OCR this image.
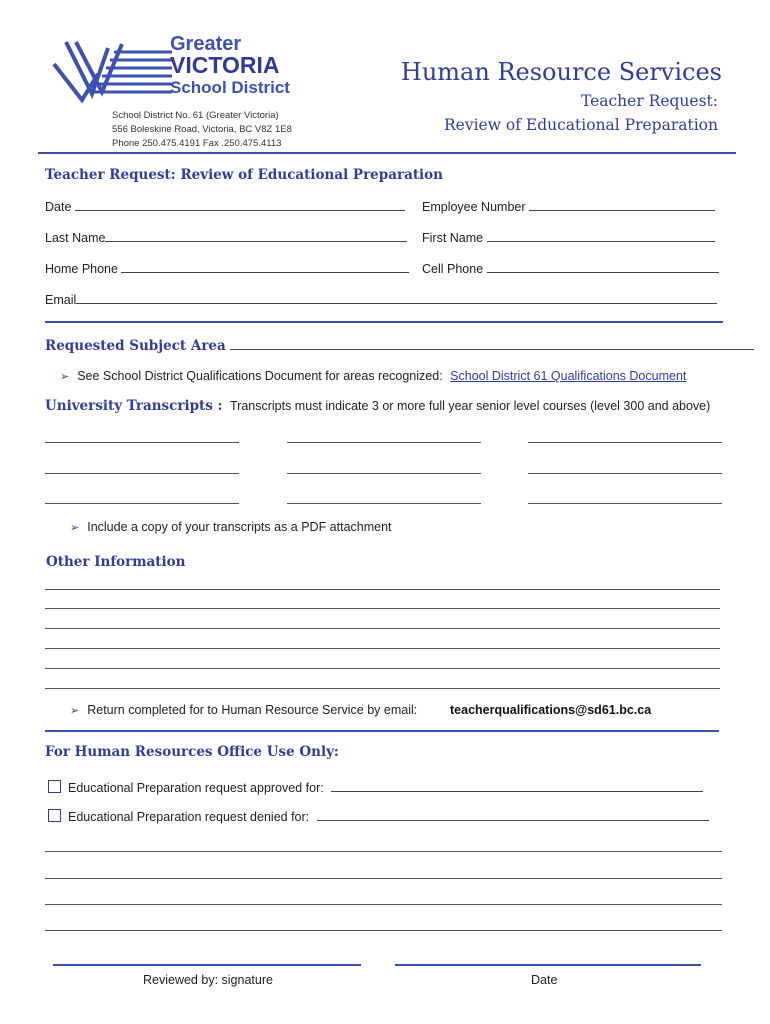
Greater
VICTORIA
School District
School District No. 61 (Greater Victoria)
556 Boleskine Road, Victoria, BC V8Z 1E8
Phone 250.475.4191 Fax .250.475.4113
Human Resource Services
Teacher Request:
Review of Educational Preparation
Teacher Request: Review of Educational Preparation
Date	Employee Number
Last Name	First Name
Home Phone	Cell Phone
Email
Requested Subject Area
➢ See School District Qualifications Document for areas recognized: School District 61 Qualifications Document
University Transcripts : Transcripts must indicate 3 or more full year senior level courses (level 300 and above)
➢ Include a copy of your transcripts as a PDF attachment
Other Information
➢ Return completed for to Human Resource Service by email:	teacherqualifications@sd61.bc.ca
For Human Resources Office Use Only:
Educational Preparation request approved for:
Educational Preparation request denied for:
Reviewed by: signature	Date
